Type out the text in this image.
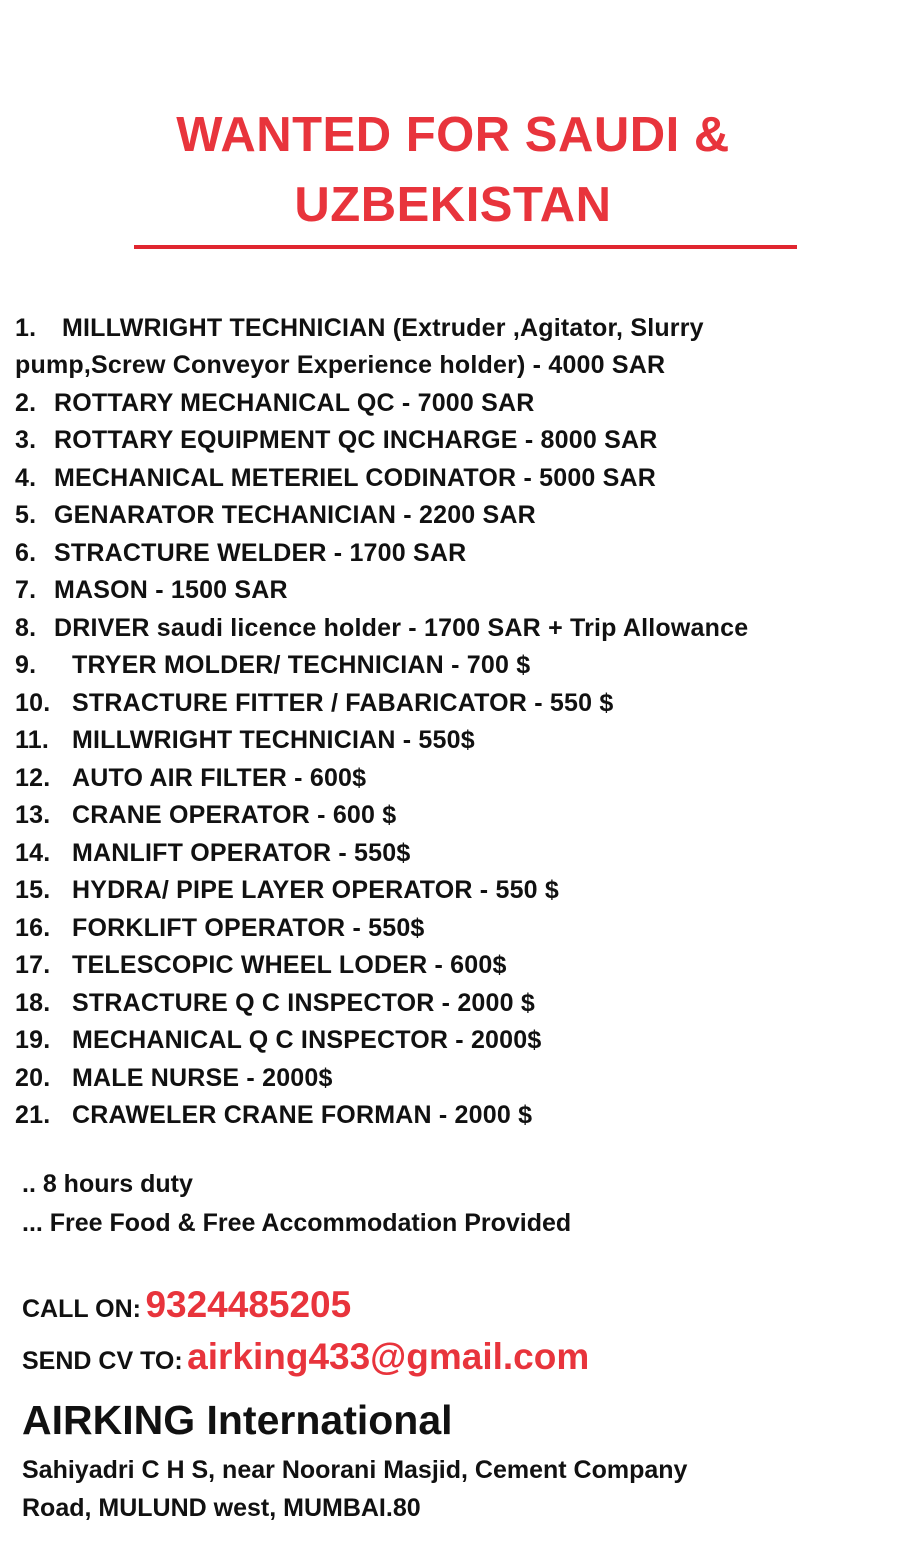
WANTED FOR SAUDI &
UZBEKISTAN
1. MILLWRIGHT TECHNICIAN (Extruder ,Agitator, Slurry
pump,Screw Conveyor Experience holder) - 4000 SAR
2. ROTTARY MECHANICAL QC - 7000 SAR
3. ROTTARY EQUIPMENT QC INCHARGE - 8000 SAR
4. MECHANICAL METERIEL CODINATOR - 5000 SAR
5. GENARATOR TECHANICIAN - 2200 SAR
6. STRACTURE WELDER - 1700 SAR
7. MASON - 1500 SAR
8. DRIVER saudi licence holder - 1700 SAR + Trip Allowance
9. TRYER MOLDER/ TECHNICIAN - 700 $
10. STRACTURE FITTER / FABARICATOR - 550 $
11. MILLWRIGHT TECHNICIAN - 550$
12. AUTO AIR FILTER - 600$
13. CRANE OPERATOR - 600 $
14. MANLIFT OPERATOR - 550$
15. HYDRA/ PIPE LAYER OPERATOR - 550 $
16. FORKLIFT OPERATOR - 550$
17. TELESCOPIC WHEEL LODER - 600$
18. STRACTURE Q C INSPECTOR - 2000 $
19. MECHANICAL Q C INSPECTOR - 2000$
20. MALE NURSE - 2000$
21. CRAWELER CRANE FORMAN - 2000 $
.. 8 hours duty
... Free Food & Free Accommodation Provided
CALL ON: 9324485205
SEND CV TO: airking433@gmail.com
AIRKING International
Sahiyadri C H S, near Noorani Masjid, Cement Company
Road, MULUND west, MUMBAI.80
